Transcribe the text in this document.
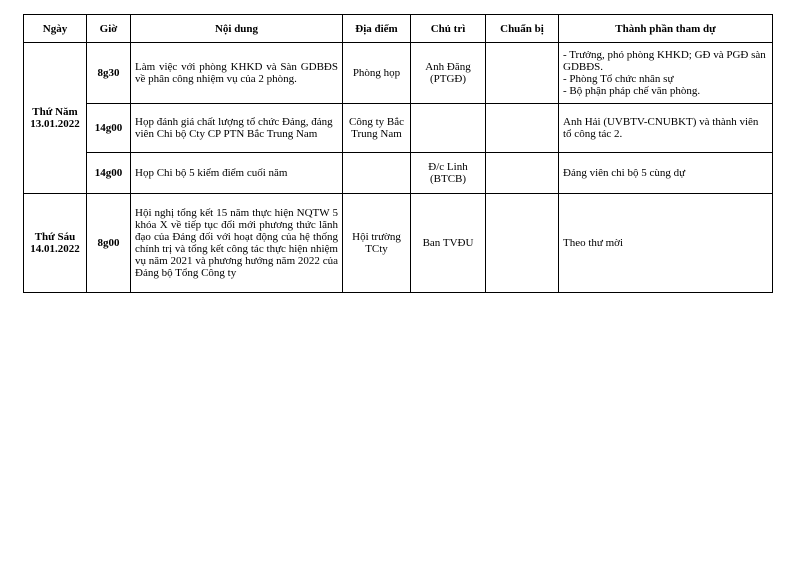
Ngày	Giờ	Nội dung	Địa điểm	Chủ trì	Chuẩn bị	Thành phần tham dự

Thứ Năm
13.01.2022	8g30	Làm việc với phòng KHKD và Sàn GDBĐS về phân công nhiệm vụ của 2 phòng.	Phòng họp	Anh Đăng (PTGĐ)		- Trưởng, phó phòng KHKD; GĐ và PGĐ sàn GDBĐS.
- Phòng Tổ chức nhân sự
- Bộ phận pháp chế văn phòng.

	14g00	Họp đánh giá chất lượng tổ chức Đảng, đảng viên Chi bộ Cty CP PTN Bắc Trung Nam	Công ty Bắc Trung Nam			Anh Hải (UVBTV-CNUBKT) và thành viên tổ công tác 2.
	14g00	Họp Chi bộ 5 kiểm điểm cuối năm		Đ/c Linh (BTCB)		Đảng viên chi bộ 5 cùng dự

Thứ Sáu
14.01.2022	8g00	Hội nghị tổng kết 15 năm thực hiện NQTW 5 khóa X về tiếp tục đổi mới phương thức lãnh đạo của Đảng đối với hoạt động của hệ thống chính trị và tổng kết công tác thực hiện nhiệm vụ năm 2021 và phương hướng năm 2022 của Đảng bộ Tổng Công ty	Hội trường TCty	Ban TVĐU		Theo thư mời
